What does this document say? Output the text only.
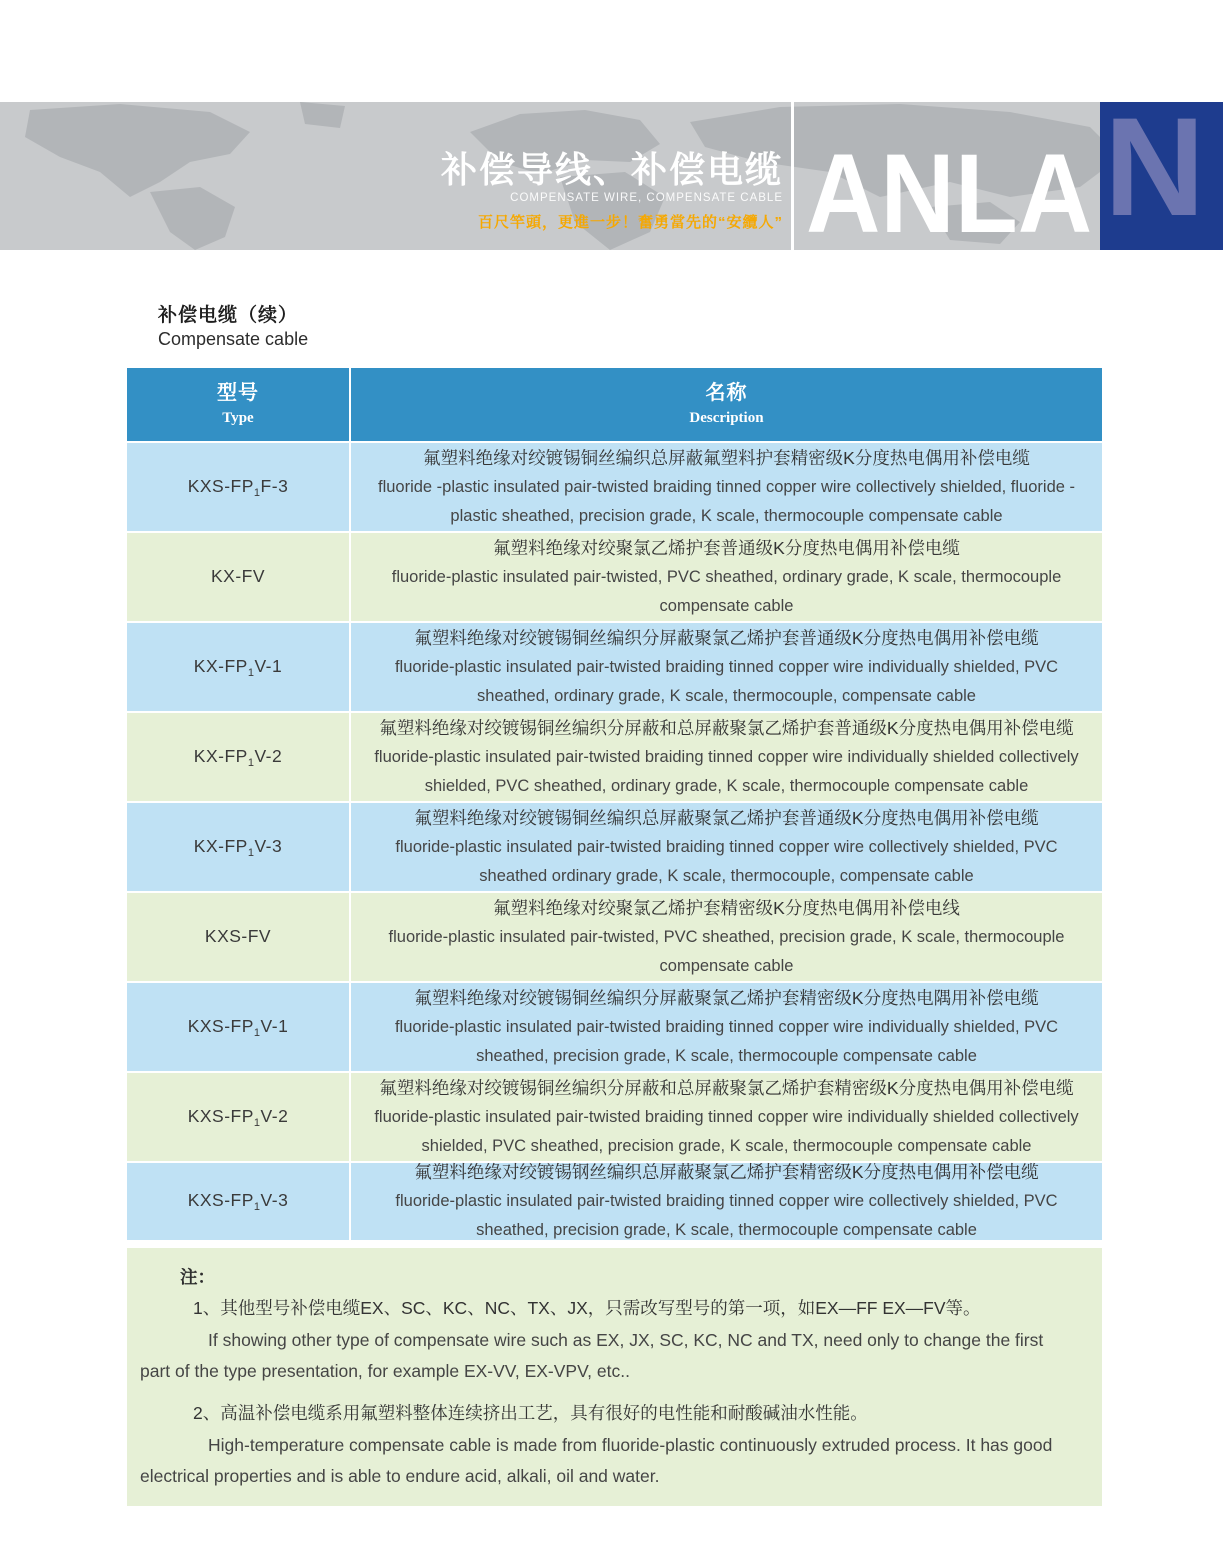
补偿导线、补偿电缆
COMPENSATE WIRE, COMPENSATE CABLE
百尺竿頭，更進一步！奮勇當先的“安纜人” ANLA N
补偿电缆（续）
Compensate cable
型号
Type
名称
Description
KXS-$FP_1F-3$
氟塑料绝缘对绞镀锡铜丝编织总屏蔽氟塑料护套精密级K分度热电偶用补偿电缆
fluoride -plastic insulated pair-twisted braiding tinned copper wire collectively shielded, fluoride -plastic sheathed, precision grade, K scale, thermocouple compensate cable
KX-FV
氟塑料绝缘对绞聚氯乙烯护套普通级K分度热电偶用补偿电缆
fluoride-plastic insulated pair-twisted, PVC sheathed, ordinary grade, K scale, thermocouple compensate cable
$KX-FP_1V-1$
氟塑料绝缘对绞镀锡铜丝编织分屏蔽聚氯乙烯护套普通级K分度热电偶用补偿电缆
fluoride-plastic insulated pair-twisted braiding tinned copper wire individually shielded, PVC sheathed, ordinary grade, K scale, thermocouple, compensate cable
$KX-FP_1V-2$
氟塑料绝缘对绞镀锡铜丝编织分屏蔽和总屏蔽聚氯乙烯护套普通级K分度热电偶用补偿电缆
fluoride-plastic insulated pair-twisted braiding tinned copper wire individually shielded collectively shielded, PVC sheathed, ordinary grade, K scale, thermocouple compensate cable
$KX-FP_1V-3$
氟塑料绝缘对绞镀锡铜丝编织总屏蔽聚氯乙烯护套普通级K分度热电偶用补偿电缆
fluoride-plastic insulated pair-twisted braiding tinned copper wire collectively shielded, PVC sheathed ordinary grade, K scale, thermocouple, compensate cable
KXS-FV
氟塑料绝缘对绞聚氯乙烯护套精密级K分度热电偶用补偿电线
fluoride-plastic insulated pair-twisted, PVC sheathed, precision grade, K scale, thermocouple compensate cable
KXS-$FP_1V-1$
氟塑料绝缘对绞镀锡铜丝编织分屏蔽聚氯乙烯护套精密级K分度热电隅用补偿电缆
fluoride-plastic insulated pair-twisted braiding tinned copper wire individually shielded, PVC sheathed, precision grade, K scale, thermocouple compensate cable
KXS-$FP_1V-2$
氟塑料绝缘对绞镀锡铜丝编织分屏蔽和总屏蔽聚氯乙烯护套精密级K分度热电偶用补偿电缆
fluoride-plastic insulated pair-twisted braiding tinned copper wire individually shielded collectively shielded, PVC sheathed, precision grade, K scale, thermocouple compensate cable
KXS-$FP_1V-3$
氟塑料绝缘对绞镀锡钢丝编织总屏蔽聚氯乙烯护套精密级K分度热电偶用补偿电缆
fluoride-plastic insulated pair-twisted braiding tinned copper wire collectively shielded, PVC sheathed, precision grade, K scale, thermocouple compensate cable
注：
1、其他型号补偿电缆EX、SC、KC、NC、TX、JX，只需改写型号的第一项，如EX—FF EX—FV等。
If showing other type of compensate wire such as EX, JX, SC, KC, NC and TX, need only to change the first part of the type presentation, for example EX-VV, EX-VPV, etc..
2、高温补偿电缆系用氟塑料整体连续挤出工艺，具有很好的电性能和耐酸碱油水性能。
High-temperature compensate cable is made from fluoride-plastic continuously extruded process. It has good electrical properties and is able to endure acid, alkali, oil and water.
